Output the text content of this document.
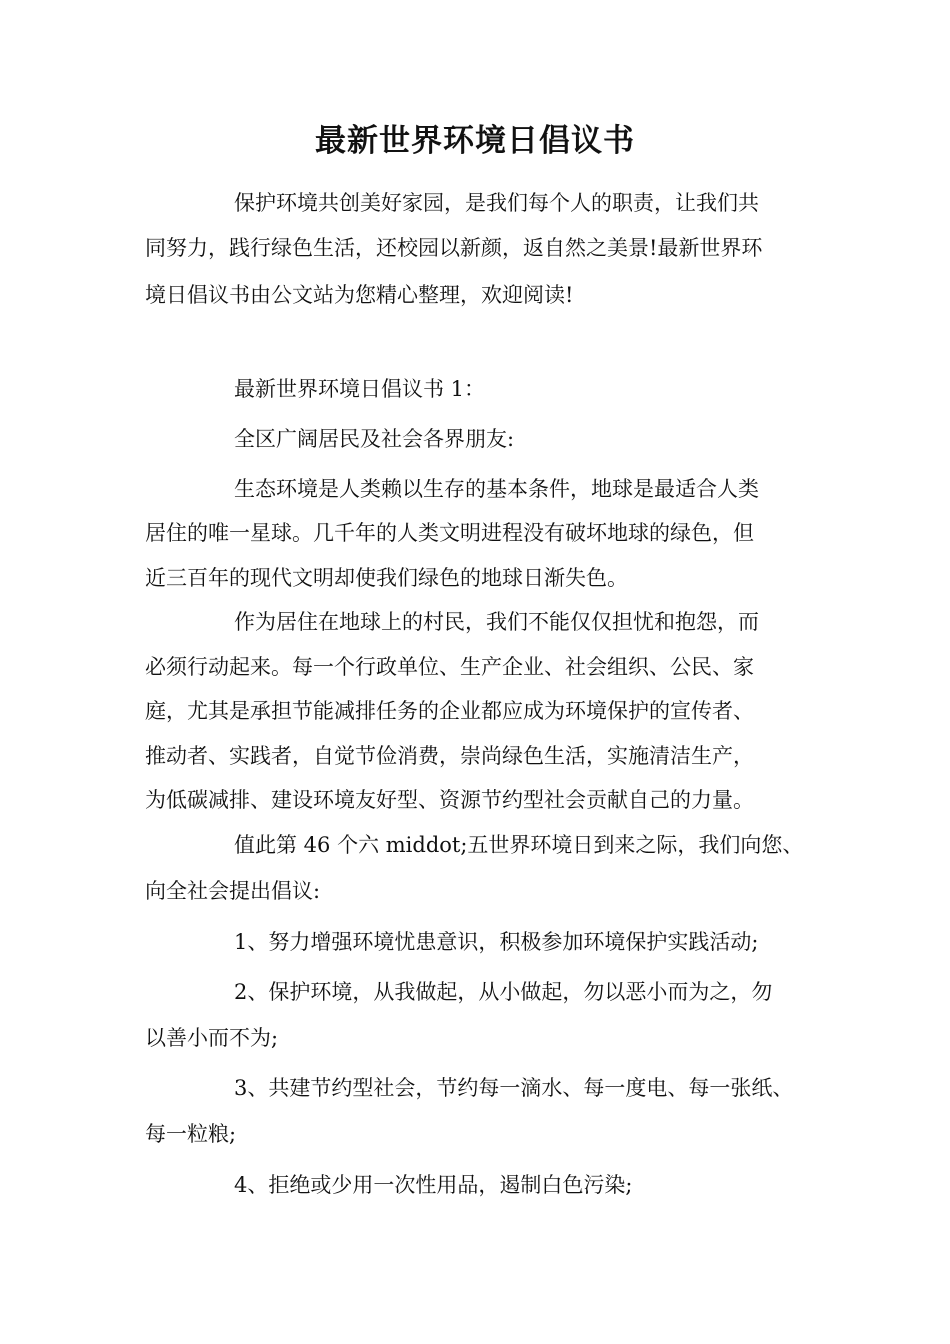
最新世界环境日倡议书

保护环境共创美好家园，是我们每个人的职责，让我们共

同努力，践行绿色生活，还校园以新颜，返自然之美景!最新世界环

境日倡议书由公文站为您精心整理，欢迎阅读!

最新世界环境日倡议书 1：

全区广阔居民及社会各界朋友:

生态环境是人类赖以生存的基本条件，地球是最适合人类

居住的唯一星球。几千年的人类文明进程没有破坏地球的绿色，但

近三百年的现代文明却使我们绿色的地球日渐失色。

作为居住在地球上的村民，我们不能仅仅担忧和抱怨，而

必须行动起来。每一个行政单位、生产企业、社会组织、公民、家

庭，尤其是承担节能减排任务的企业都应成为环境保护的宣传者、

推动者、实践者，自觉节俭消费，崇尚绿色生活，实施清洁生产，

为低碳减排、建设环境友好型、资源节约型社会贡献自己的力量。

值此第 46 个六 middot;五世界环境日到来之际，我们向您、

向全社会提出倡议:

1、努力增强环境忧患意识，积极参加环境保护实践活动;

2、保护环境，从我做起，从小做起，勿以恶小而为之，勿

以善小而不为;

3、共建节约型社会，节约每一滴水、每一度电、每一张纸、

每一粒粮;

4、拒绝或少用一次性用品，遏制白色污染;
